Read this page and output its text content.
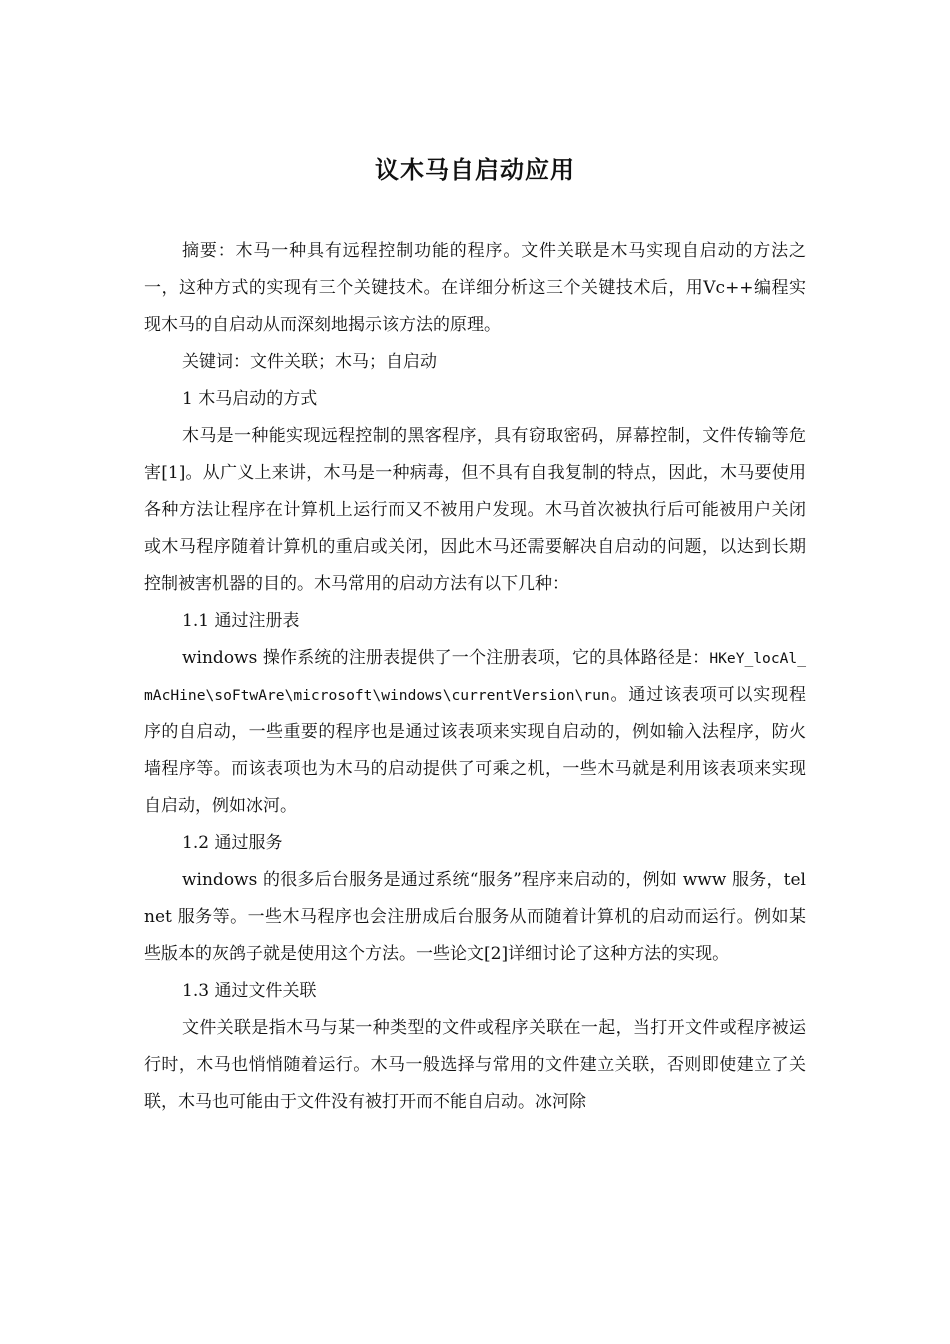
议木马自启动应用

摘要：木马一种具有远程控制功能的程序。文件关联是木马实现自启动的方法之一，这种方式的实现有三个关键技术。在详细分析这三个关键技术后，用Vc++编程实现木马的自启动从而深刻地揭示该方法的原理。

关键词：文件关联；木马；自启动

1 木马启动的方式

木马是一种能实现远程控制的黑客程序，具有窃取密码，屏幕控制，文件传输等危害[1]。从广义上来讲，木马是一种病毒，但不具有自我复制的特点，因此，木马要使用各种方法让程序在计算机上运行而又不被用户发现。木马首次被执行后可能被用户关闭或木马程序随着计算机的重启或关闭，因此木马还需要解决自启动的问题，以达到长期控制被害机器的目的。木马常用的启动方法有以下几种：

1.1 通过注册表

windows 操作系统的注册表提供了一个注册表项，它的具体路径是：HKeY_locAl_mAcHine\soFtwAre\microsoft\windows\currentVersion\run。通过该表项可以实现程序的自启动，一些重要的程序也是通过该表项来实现自启动的，例如输入法程序，防火墙程序等。而该表项也为木马的启动提供了可乘之机，一些木马就是利用该表项来实现自启动，例如冰河。

1.2 通过服务

windows 的很多后台服务是通过系统“服务”程序来启动的，例如 www 服务，telnet 服务等。一些木马程序也会注册成后台服务从而随着计算机的启动而运行。例如某些版本的灰鸽子就是使用这个方法。一些论文[2]详细讨论了这种方法的实现。

1.3 通过文件关联

文件关联是指木马与某一种类型的文件或程序关联在一起，当打开文件或程序被运行时，木马也悄悄随着运行。木马一般选择与常用的文件建立关联，否则即使建立了关联，木马也可能由于文件没有被打开而不能自启动。冰河除
